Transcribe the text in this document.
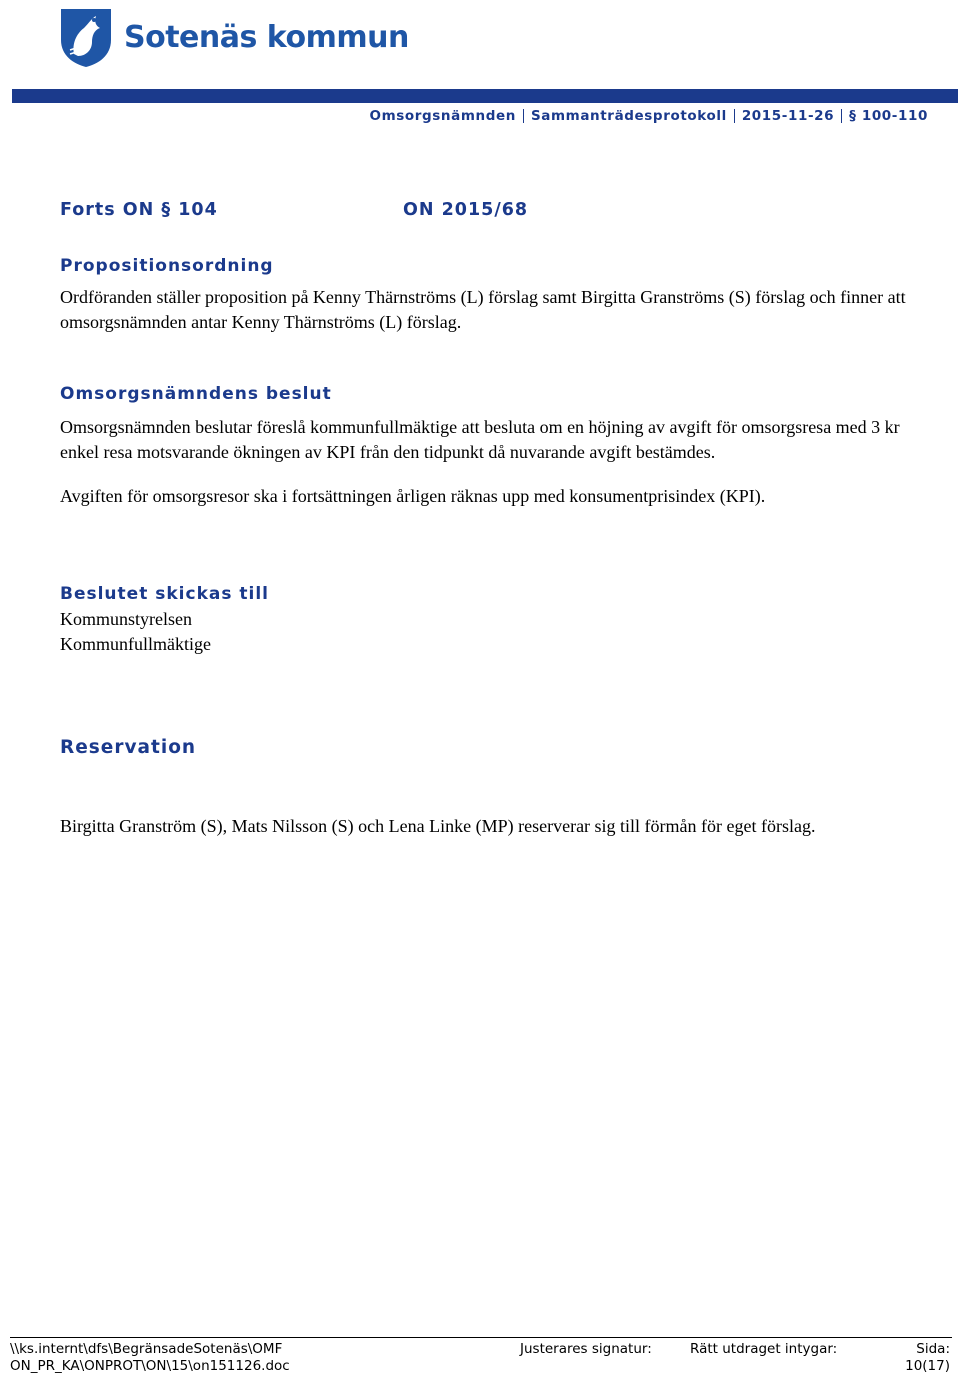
Sotenäs kommun
Omsorgsnämnden Sammanträdesprotokoll 2015-11-26 § 100-110
Forts ON § 104	ON 2015/68

Propositionsordning

Ordföranden ställer proposition på Kenny Thärnströms (L) förslag samt Birgitta Granströms (S) förslag och finner att omsorgsnämnden antar Kenny Thärnströms (L) förslag.

Omsorgsnämndens beslut

Omsorgsnämnden beslutar föreslå kommunfullmäktige att besluta om en höjning av avgift för omsorgsresa med 3 kr enkel resa motsvarande ökningen av KPI från den tidpunkt då nuvarande avgift bestämdes.

Avgiften för omsorgsresor ska i fortsättningen årligen räknas upp med konsumentprisindex (KPI).

Beslutet skickas till

Kommunstyrelsen

Kommunfullmäktige

Reservation

Birgitta Granström (S), Mats Nilsson (S) och Lena Linke (MP) reserverar sig till förmån för eget förslag.

\\ks.internt\dfs\BegränsadeSotenäs\OMF	Justerares signatur:	Rätt utdraget intygar:	Sida:
ON_PR_KA\ONPROT\ON\15\on151126.doc	10(17)
